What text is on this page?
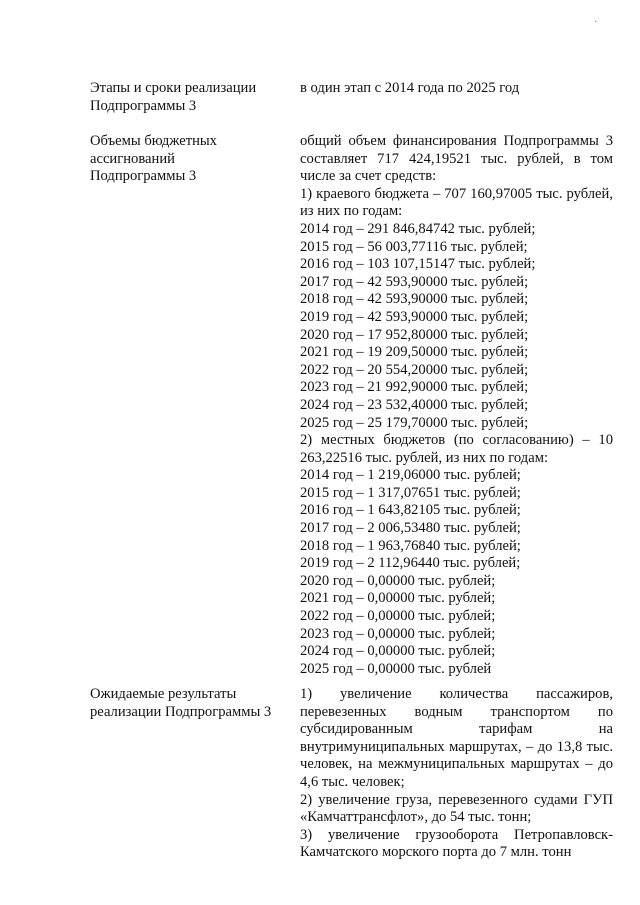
·
Этапы и сроки реализации
Подпрограммы 3
в один этап с 2014 года по 2025 год
Объемы бюджетных
ассигнований
Подпрограммы 3

общий объем финансирования Подпрограммы 3 составляет 717 424,19521 тыс. рублей, в том числе за счет средств:

1) краевого бюджета – 707 160,97005 тыс. рублей, из них по годам:

2014 год – 291 846,84742 тыс. рублей;
2015 год – 56 003,77116 тыс. рублей;
2016 год – 103 107,15147 тыс. рублей;
2017 год – 42 593,90000 тыс. рублей;
2018 год – 42 593,90000 тыс. рублей;
2019 год – 42 593,90000 тыс. рублей;
2020 год – 17 952,80000 тыс. рублей;
2021 год – 19 209,50000 тыс. рублей;
2022 год – 20 554,20000 тыс. рублей;
2023 год – 21 992,90000 тыс. рублей;
2024 год – 23 532,40000 тыс. рублей;
2025 год – 25 179,70000 тыс. рублей;

2) местных бюджетов (по согласованию) – 10 263,22516 тыс. рублей, из них по годам:

2014 год – 1 219,06000 тыс. рублей;
2015 год – 1 317,07651 тыс. рублей;
2016 год – 1 643,82105 тыс. рублей;
2017 год – 2 006,53480 тыс. рублей;
2018 год – 1 963,76840 тыс. рублей;
2019 год – 2 112,96440 тыс. рублей;
2020 год – 0,00000 тыс. рублей;
2021 год – 0,00000 тыс. рублей;
2022 год – 0,00000 тыс. рублей;
2023 год – 0,00000 тыс. рублей;
2024 год – 0,00000 тыс. рублей;
2025 год – 0,00000 тыс. рублей
Ожидаемые результаты
реализации Подпрограммы 3

1) увеличение количества пассажиров, перевезенных водным транспортом по субсидированным тарифам на внутримуниципальных маршрутах, – до 13,8 тыс. человек, на межмуниципальных маршрутах – до 4,6 тыс. человек;

2) увеличение груза, перевезенного судами ГУП «Камчаттрансфлот», до 54 тыс. тонн;

3) увеличение грузооборота Петропавловск-Камчатского морского порта до 7 млн. тонн
